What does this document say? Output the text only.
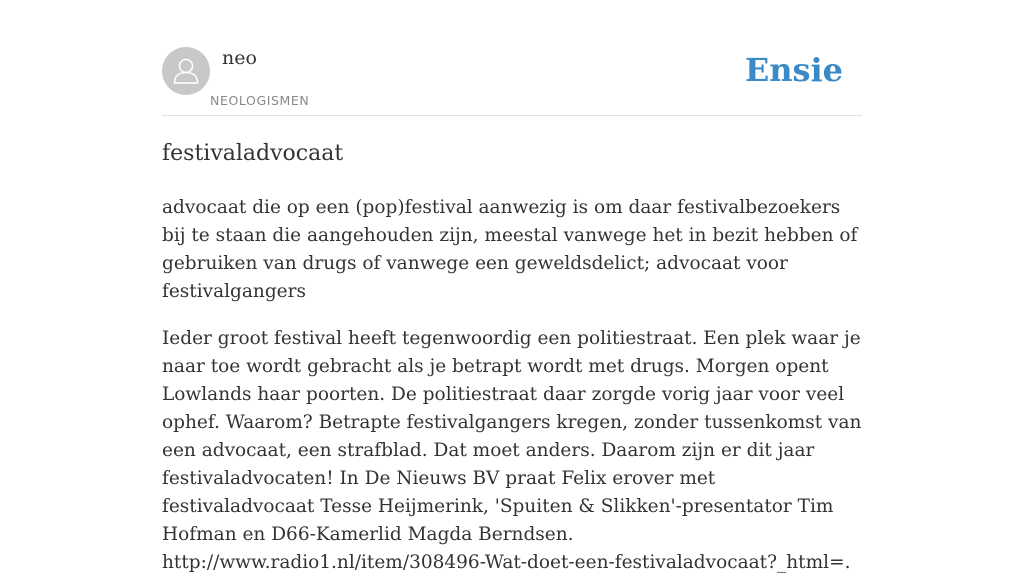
neo
NEOLOGISMEN
Ensie
festivaladvocaat

advocaat die op een (pop)festival aanwezig is om daar festivalbezoekers bij te staan die aangehouden zijn, meestal vanwege het in bezit hebben of gebruiken van drugs of vanwege een geweldsdelict; advocaat voor festivalgangers

Ieder groot festival heeft tegenwoordig een politiestraat. Een plek waar je naar toe wordt gebracht als je betrapt wordt met drugs. Morgen opent Lowlands haar poorten. De politiestraat daar zorgde vorig jaar voor veel ophef. Waarom? Betrapte festivalgangers kregen, zonder tussenkomst van een advocaat, een strafblad. Dat moet anders. Daarom zijn er dit jaar festivaladvocaten! In De Nieuws BV praat Felix erover met festivaladvocaat Tesse Heijmerink, 'Spuiten & Slikken'-presentator Tim Hofman en D66-Kamerlid Magda Berndsen. http://www.radio1.nl/item/308496-Wat-doet-een-festivaladvocaat?_html=.
